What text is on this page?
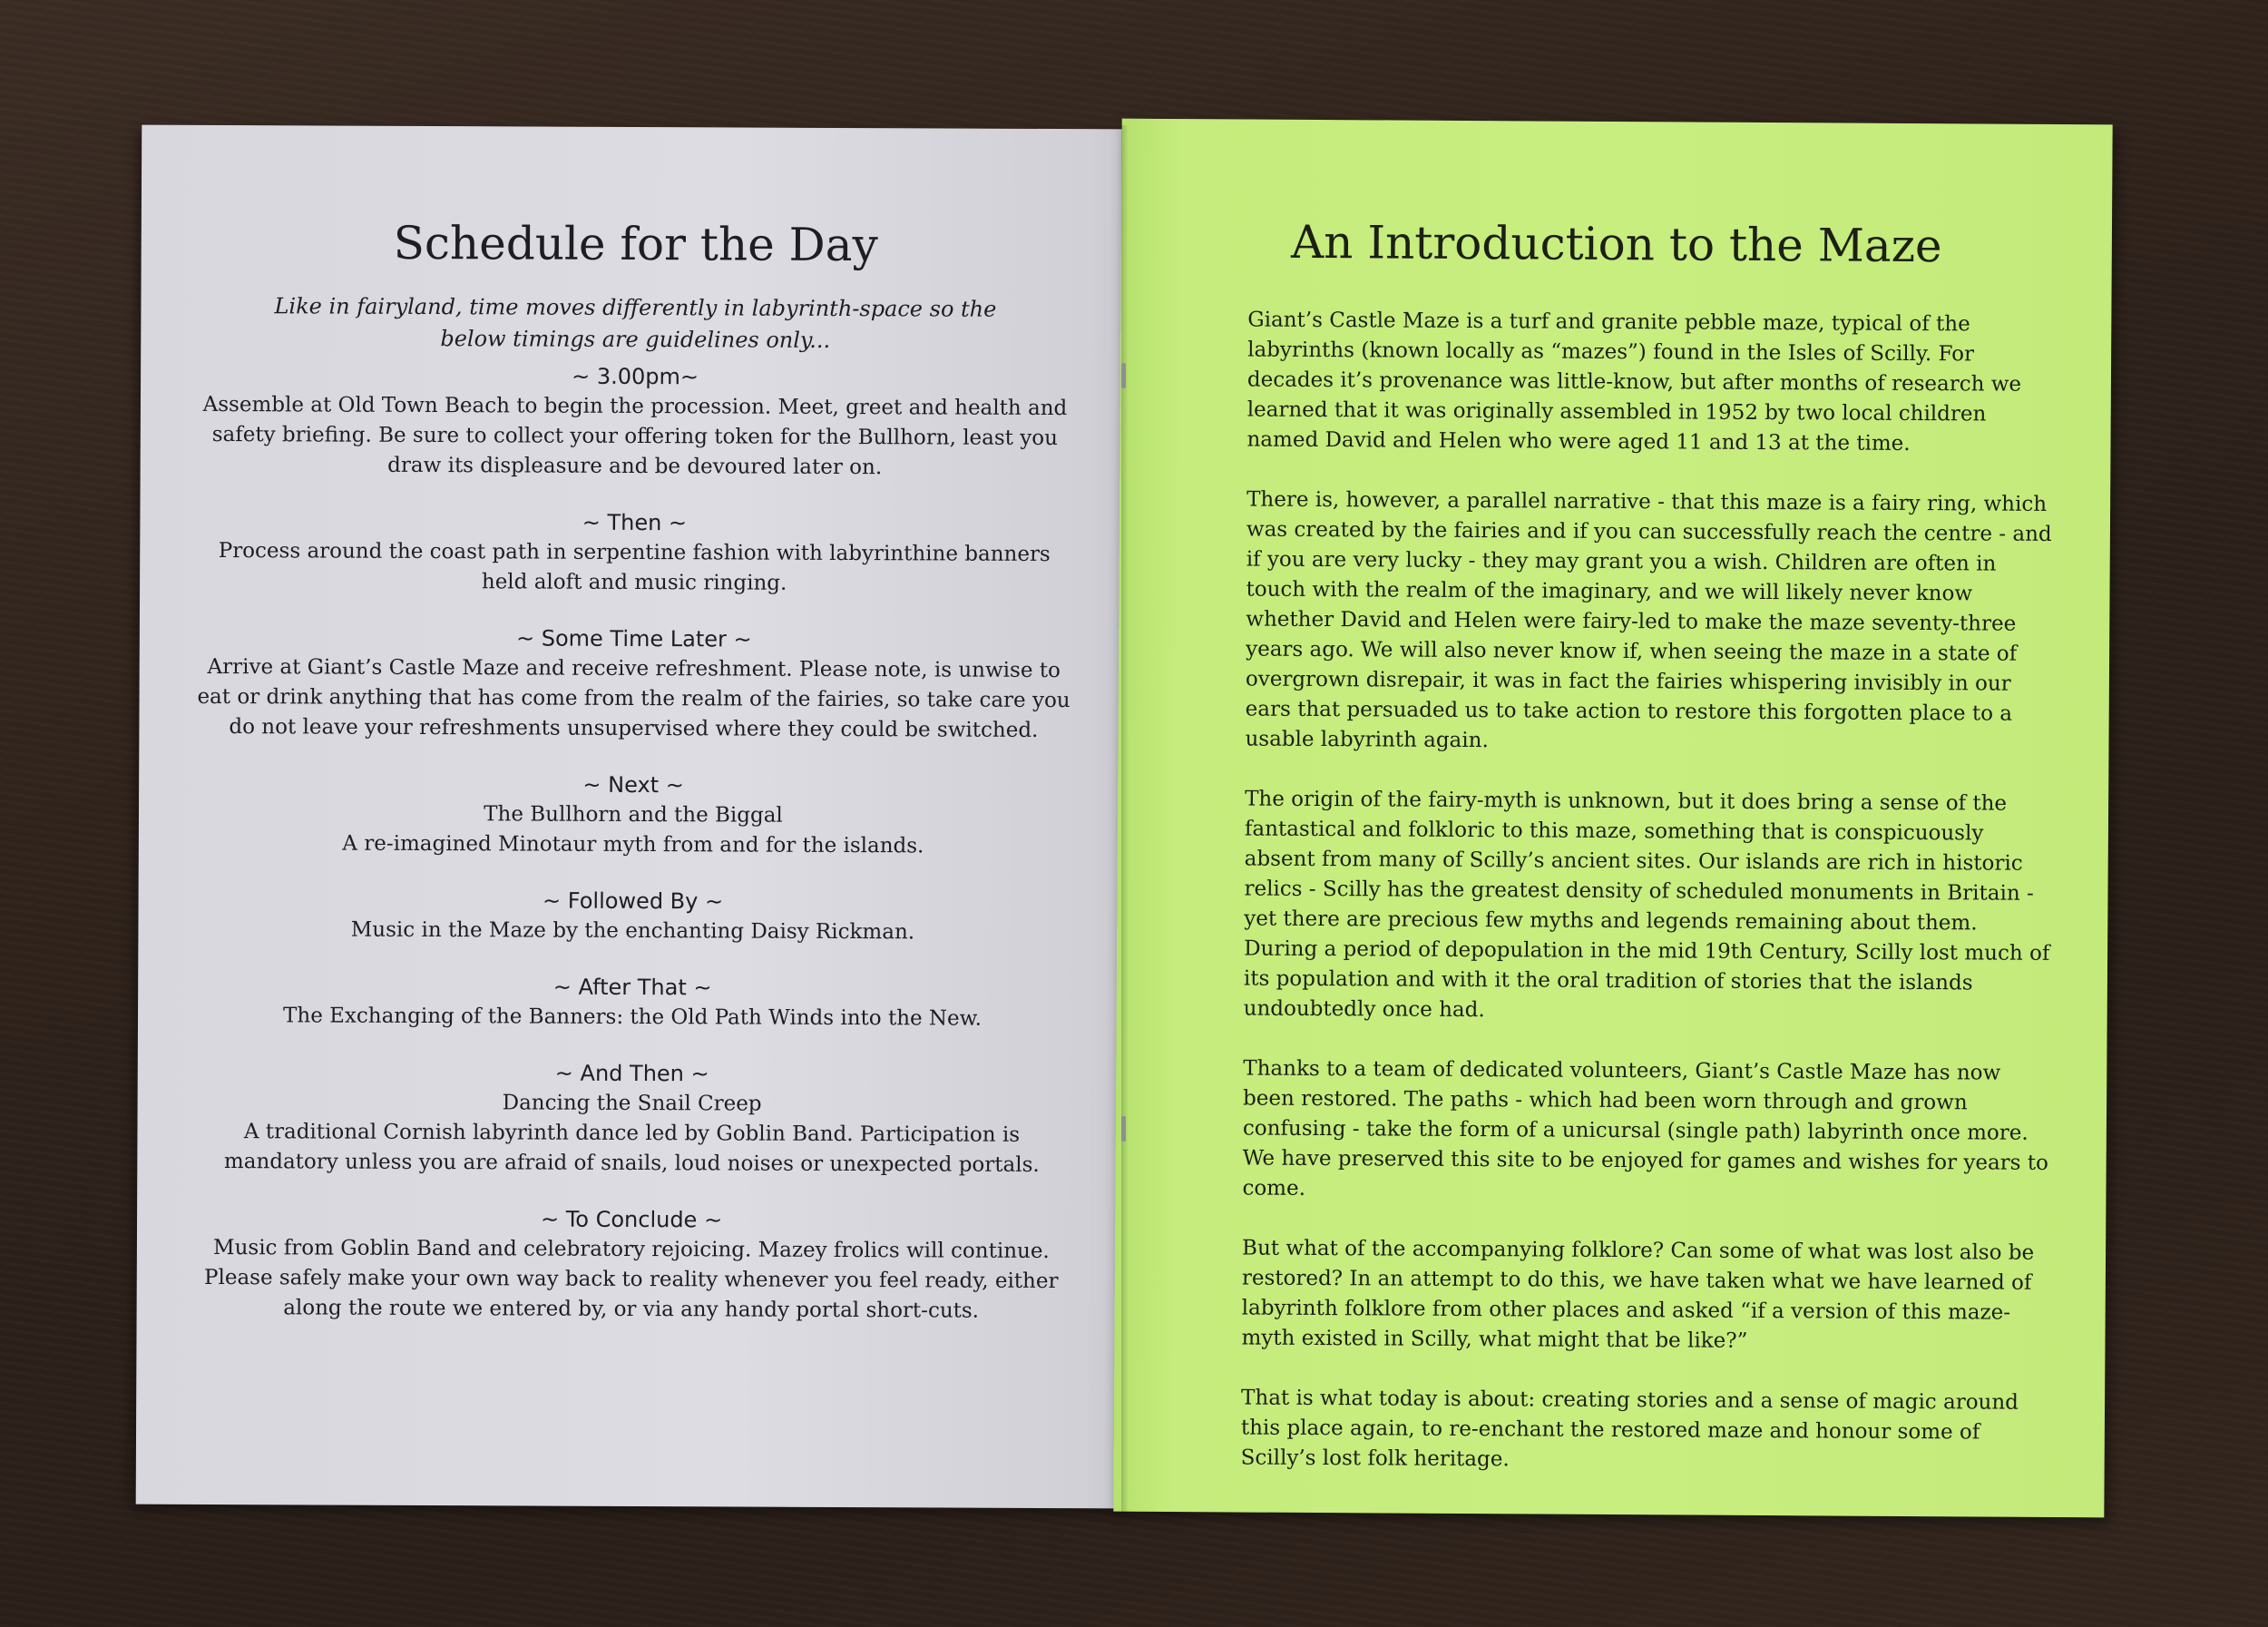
Schedule for the Day
Like in fairyland, time moves differently in labyrinth-space so the below timings are guidelines only...
~ 3.00pm~
Assemble at Old Town Beach to begin the procession. Meet, greet and health and safety briefing. Be sure to collect your offering token for the Bullhorn, least you draw its displeasure and be devoured later on.
~ Then ~
Process around the coast path in serpentine fashion with labyrinthine banners held aloft and music ringing.
~ Some Time Later ~
Arrive at Giant’s Castle Maze and receive refreshment. Please note, is unwise to eat or drink anything that has come from the realm of the fairies, so take care you do not leave your refreshments unsupervised where they could be switched.
~ Next ~
The Bullhorn and the Biggal
A re-imagined Minotaur myth from and for the islands.
~ Followed By ~
Music in the Maze by the enchanting Daisy Rickman.
~ After That ~
The Exchanging of the Banners: the Old Path Winds into the New.
~ And Then ~
Dancing the Snail Creep
A traditional Cornish labyrinth dance led by Goblin Band. Participation is mandatory unless you are afraid of snails, loud noises or unexpected portals.
~ To Conclude ~
Music from Goblin Band and celebratory rejoicing. Mazey frolics will continue. Please safely make your own way back to reality whenever you feel ready, either along the route we entered by, or via any handy portal short-cuts.
An Introduction to the Maze

Giant’s Castle Maze is a turf and granite pebble maze, typical of the labyrinths (known locally as “mazes”) found in the Isles of Scilly. For decades it’s provenance was little-know, but after months of research we learned that it was originally assembled in 1952 by two local children named David and Helen who were aged 11 and 13 at the time.

There is, however, a parallel narrative - that this maze is a fairy ring, which was created by the fairies and if you can successfully reach the centre - and if you are very lucky - they may grant you a wish. Children are often in touch with the realm of the imaginary, and we will likely never know whether David and Helen were fairy-led to make the maze seventy-three years ago. We will also never know if, when seeing the maze in a state of overgrown disrepair, it was in fact the fairies whispering invisibly in our ears that persuaded us to take action to restore this forgotten place to a usable labyrinth again.

The origin of the fairy-myth is unknown, but it does bring a sense of the fantastical and folkloric to this maze, something that is conspicuously absent from many of Scilly’s ancient sites. Our islands are rich in historic relics - Scilly has the greatest density of scheduled monuments in Britain - yet there are precious few myths and legends remaining about them. During a period of depopulation in the mid 19th Century, Scilly lost much of its population and with it the oral tradition of stories that the islands undoubtedly once had.

Thanks to a team of dedicated volunteers, Giant’s Castle Maze has now been restored. The paths - which had been worn through and grown confusing - take the form of a unicursal (single path) labyrinth once more. We have preserved this site to be enjoyed for games and wishes for years to come.

But what of the accompanying folklore? Can some of what was lost also be restored? In an attempt to do this, we have taken what we have learned of labyrinth folklore from other places and asked “if a version of this maze-myth existed in Scilly, what might that be like?”

That is what today is about: creating stories and a sense of magic around this place again, to re-enchant the restored maze and honour some of Scilly’s lost folk heritage.
